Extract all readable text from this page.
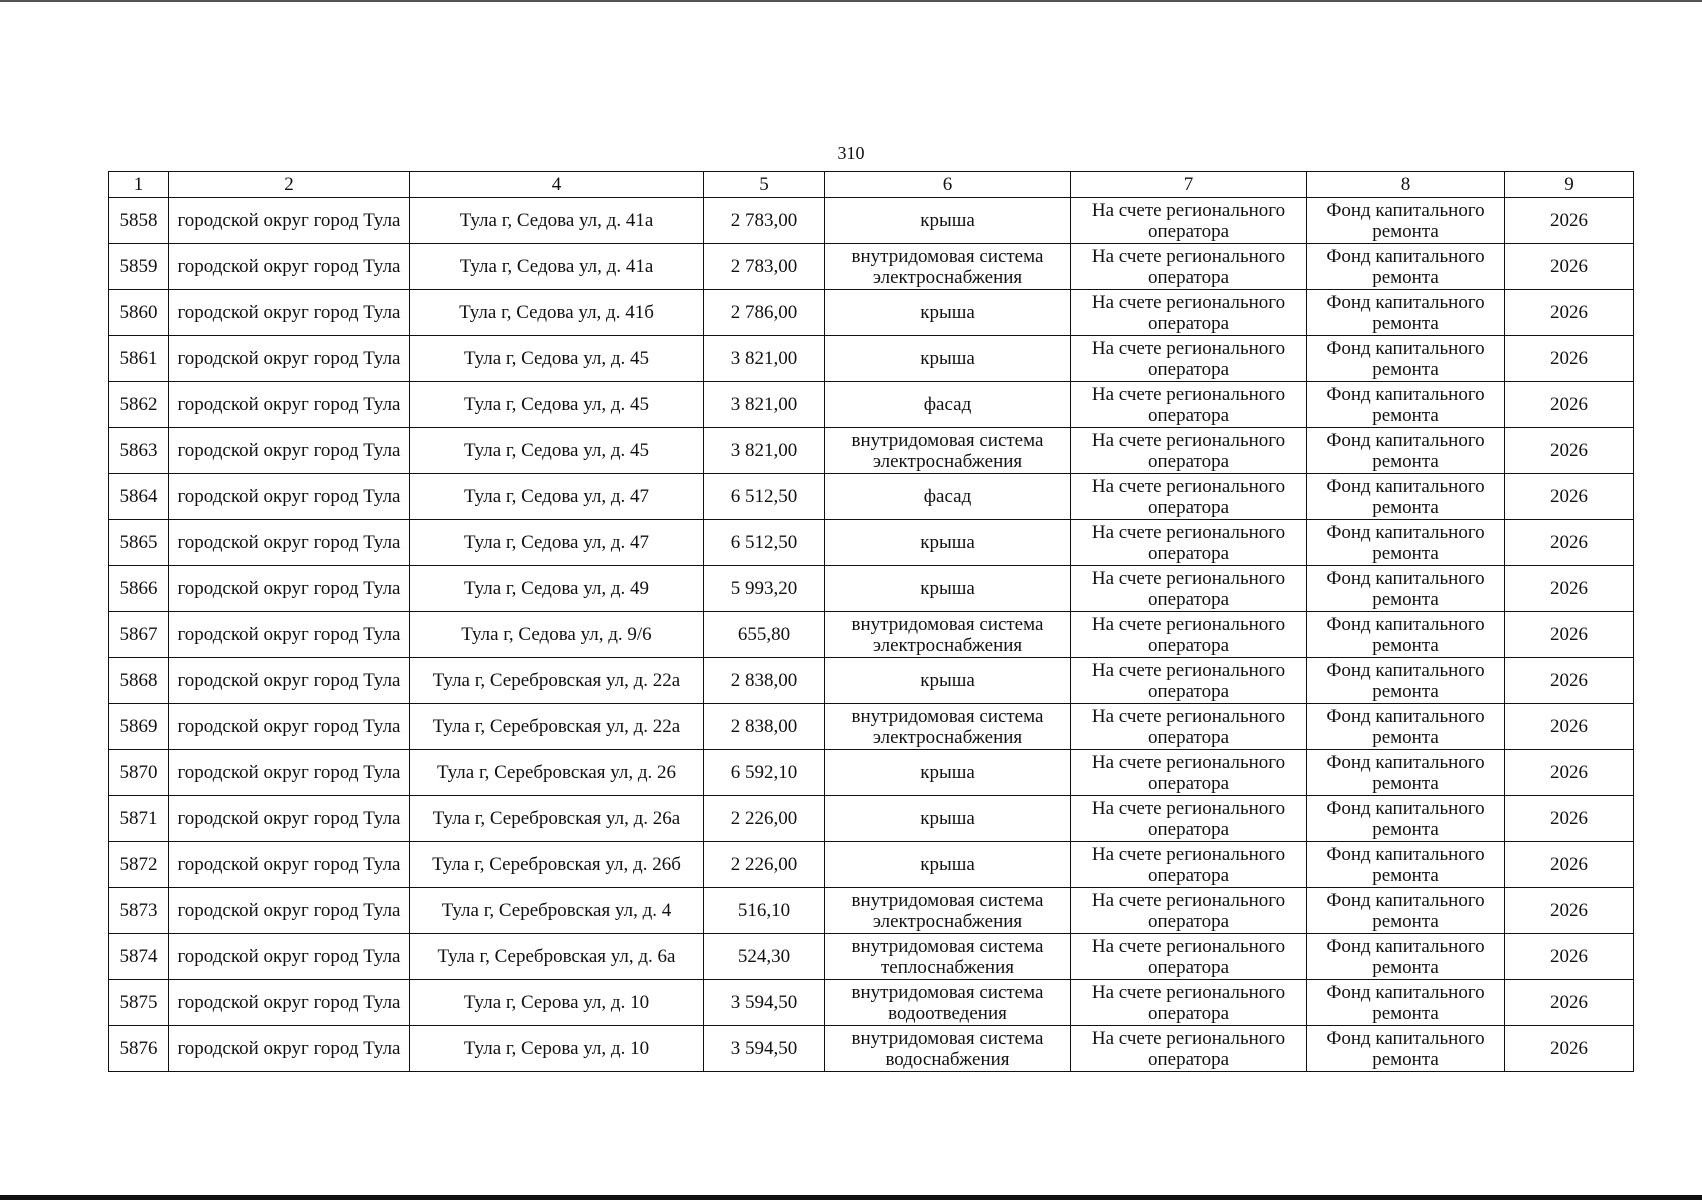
310
1	2	4	5	6	7	8	9
5858	городской округ город Тула	Тула г, Седова ул, д. 41а	2 783,00	крыша	На счете регионального оператора	Фонд капитального ремонта	2026
5859	городской округ город Тула	Тула г, Седова ул, д. 41а	2 783,00	внутридомовая система электроснабжения	На счете регионального оператора	Фонд капитального ремонта	2026
5860	городской округ город Тула	Тула г, Седова ул, д. 41б	2 786,00	крыша	На счете регионального оператора	Фонд капитального ремонта	2026
5861	городской округ город Тула	Тула г, Седова ул, д. 45	3 821,00	крыша	На счете регионального оператора	Фонд капитального ремонта	2026
5862	городской округ город Тула	Тула г, Седова ул, д. 45	3 821,00	фасад	На счете регионального оператора	Фонд капитального ремонта	2026
5863	городской округ город Тула	Тула г, Седова ул, д. 45	3 821,00	внутридомовая система электроснабжения	На счете регионального оператора	Фонд капитального ремонта	2026
5864	городской округ город Тула	Тула г, Седова ул, д. 47	6 512,50	фасад	На счете регионального оператора	Фонд капитального ремонта	2026
5865	городской округ город Тула	Тула г, Седова ул, д. 47	6 512,50	крыша	На счете регионального оператора	Фонд капитального ремонта	2026
5866	городской округ город Тула	Тула г, Седова ул, д. 49	5 993,20	крыша	На счете регионального оператора	Фонд капитального ремонта	2026
5867	городской округ город Тула	Тула г, Седова ул, д. 9/6	655,80	внутридомовая система электроснабжения	На счете регионального оператора	Фонд капитального ремонта	2026
5868	городской округ город Тула	Тула г, Серебровская ул, д. 22а	2 838,00	крыша	На счете регионального оператора	Фонд капитального ремонта	2026
5869	городской округ город Тула	Тула г, Серебровская ул, д. 22а	2 838,00	внутридомовая система электроснабжения	На счете регионального оператора	Фонд капитального ремонта	2026
5870	городской округ город Тула	Тула г, Серебровская ул, д. 26	6 592,10	крыша	На счете регионального оператора	Фонд капитального ремонта	2026
5871	городской округ город Тула	Тула г, Серебровская ул, д. 26а	2 226,00	крыша	На счете регионального оператора	Фонд капитального ремонта	2026
5872	городской округ город Тула	Тула г, Серебровская ул, д. 26б	2 226,00	крыша	На счете регионального оператора	Фонд капитального ремонта	2026
5873	городской округ город Тула	Тула г, Серебровская ул, д. 4	516,10	внутридомовая система электроснабжения	На счете регионального оператора	Фонд капитального ремонта	2026
5874	городской округ город Тула	Тула г, Серебровская ул, д. 6а	524,30	внутридомовая система теплоснабжения	На счете регионального оператора	Фонд капитального ремонта	2026
5875	городской округ город Тула	Тула г, Серова ул, д. 10	3 594,50	внутридомовая система водоотведения	На счете регионального оператора	Фонд капитального ремонта	2026
5876	городской округ город Тула	Тула г, Серова ул, д. 10	3 594,50	внутридомовая система водоснабжения	На счете регионального оператора	Фонд капитального ремонта	2026
